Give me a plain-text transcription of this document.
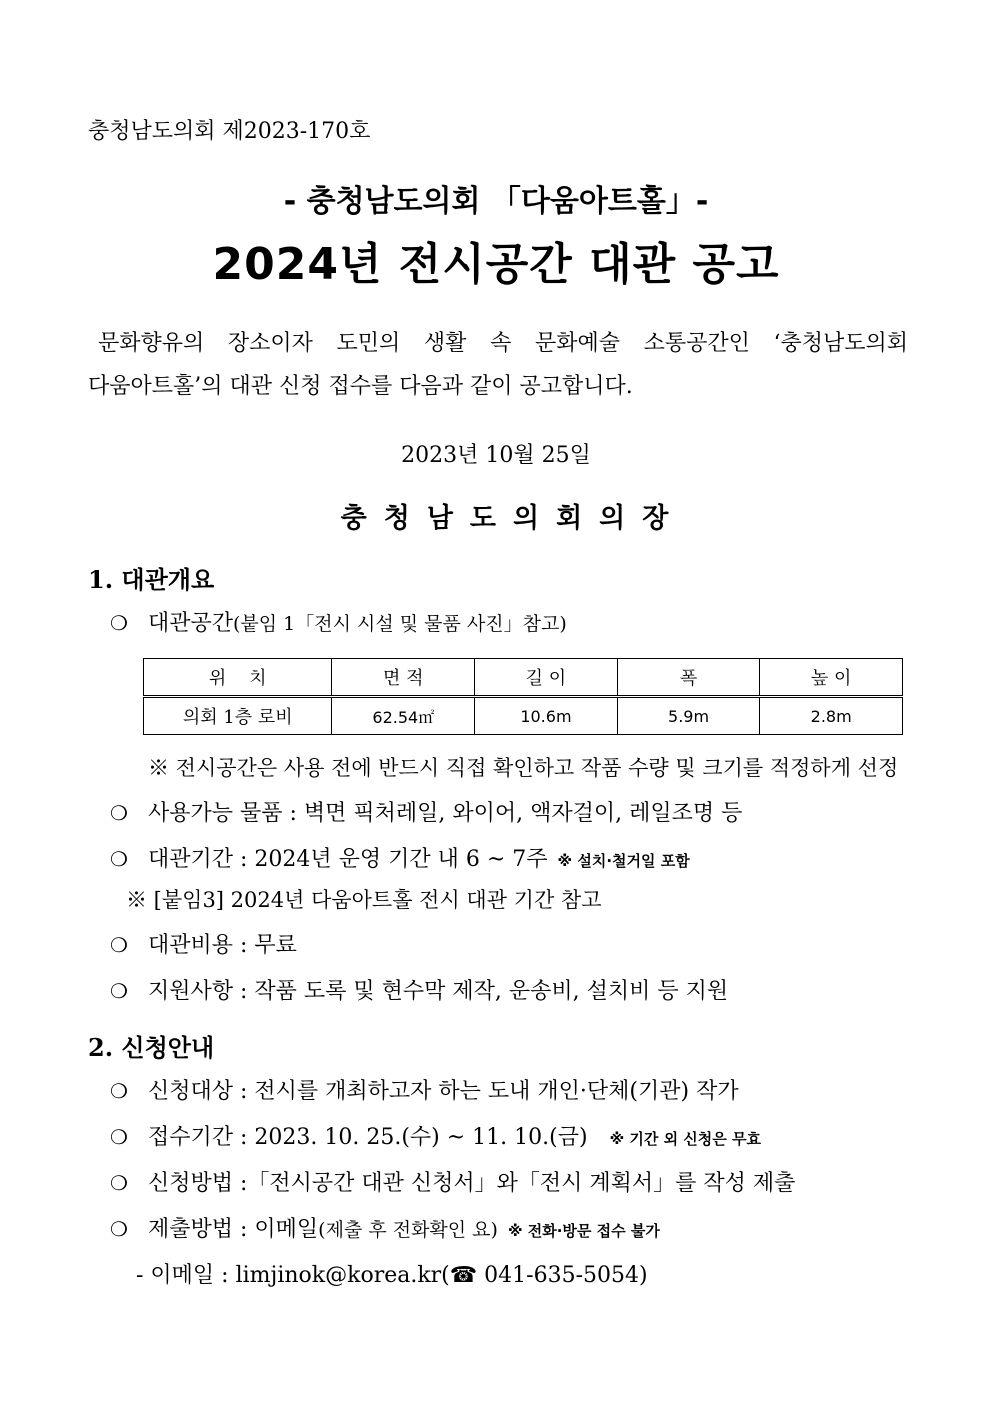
충청남도의회 제2023-170호
- 충청남도의회 「다움아트홀」-
2024년 전시공간 대관 공고
문화향유의 장소이자 도민의 생활 속 문화예술 소통공간인 ‘충청남도의회
다움아트홀’의 대관 신청 접수를 다음과 같이 공고합니다.
2023년 10월 25일
충청남도의회의장
1. 대관개요
❍ 대관공간 (붙임 1「전시 시설 및 물품 사진」참고)
위    치	면 적	길 이	폭	높 이
의회 1층 로비	62.54㎡	10.6m	5.9m	2.8m
※ 전시공간은 사용 전에 반드시 직접 확인하고 작품 수량 및 크기를 적정하게 선정
❍ 사용가능 물품 : 벽면 픽처레일, 와이어, 액자걸이, 레일조명 등
❍ 대관기간 : 2024년 운영 기간 내 6 ~ 7주 ※ 설치·철거일 포함
※ [붙임3] 2024년 다움아트홀 전시 대관 기간 참고
❍ 대관비용 : 무료
❍ 지원사항 : 작품 도록 및 현수막 제작, 운송비, 설치비 등 지원
2. 신청안내
❍ 신청대상 : 전시를 개최하고자 하는 도내 개인·단체(기관) 작가
❍ 접수기간 : 2023. 10. 25.(수) ~ 11. 10.(금) ※ 기간 외 신청은 무효
❍ 신청방법 :「전시공간 대관 신청서」와「전시 계획서」를 작성 제출
❍ 제출방법 : 이메일 (제출 후 전화확인 요) ※ 전화·방문 접수 불가
- 이메일 : limjinok@korea.kr(☎ 041-635-5054)
